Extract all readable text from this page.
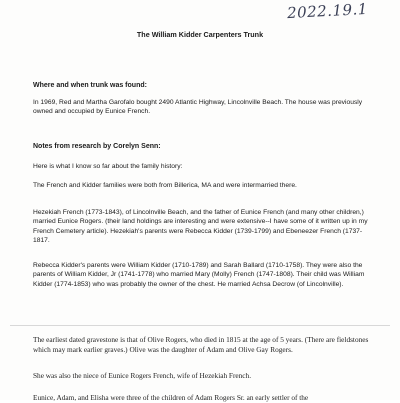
2022.19.1
The William Kidder Carpenters Trunk
Where and when trunk was found:

In 1969, Red and Martha Garofalo bought 2490 Atlantic Highway, Lincolnville Beach. The house was previously owned and occupied by Eunice French.

Notes from research by Corelyn Senn:

Here is what I know so far about the family history:

The French and Kidder families were both from Billerica, MA and were intermarried there.

Hezekiah French (1773-1843), of Lincolnville Beach, and the father of Eunice French (and many other children,) married Eunice Rogers. (their land holdings are interesting and were extensive--I have some of it written up in my French Cemetery article). Hezekiah's parents were Rebecca Kidder (1739-1799) and Ebeneezer French (1737-1817.

Rebecca Kidder's parents were William Kidder (1710-1789) and Sarah Ballard (1710-1758). They were also the parents of William Kidder, Jr (1741-1778) who married Mary (Molly) French (1747-1808). Their child was William Kidder (1774-1853) who was probably the owner of the chest. He married Achsa Decrow (of Lincolnville).

The earliest dated gravestone is that of Olive Rogers, who died in 1815 at the age of 5 years. (There are fieldstones which may mark earlier graves.) Olive was the daughter of Adam and Olive Gay Rogers.

She was also the niece of Eunice Rogers French, wife of Hezekiah French.

Eunice, Adam, and Elisha were three of the children of Adam Rogers Sr. an early settler of the
